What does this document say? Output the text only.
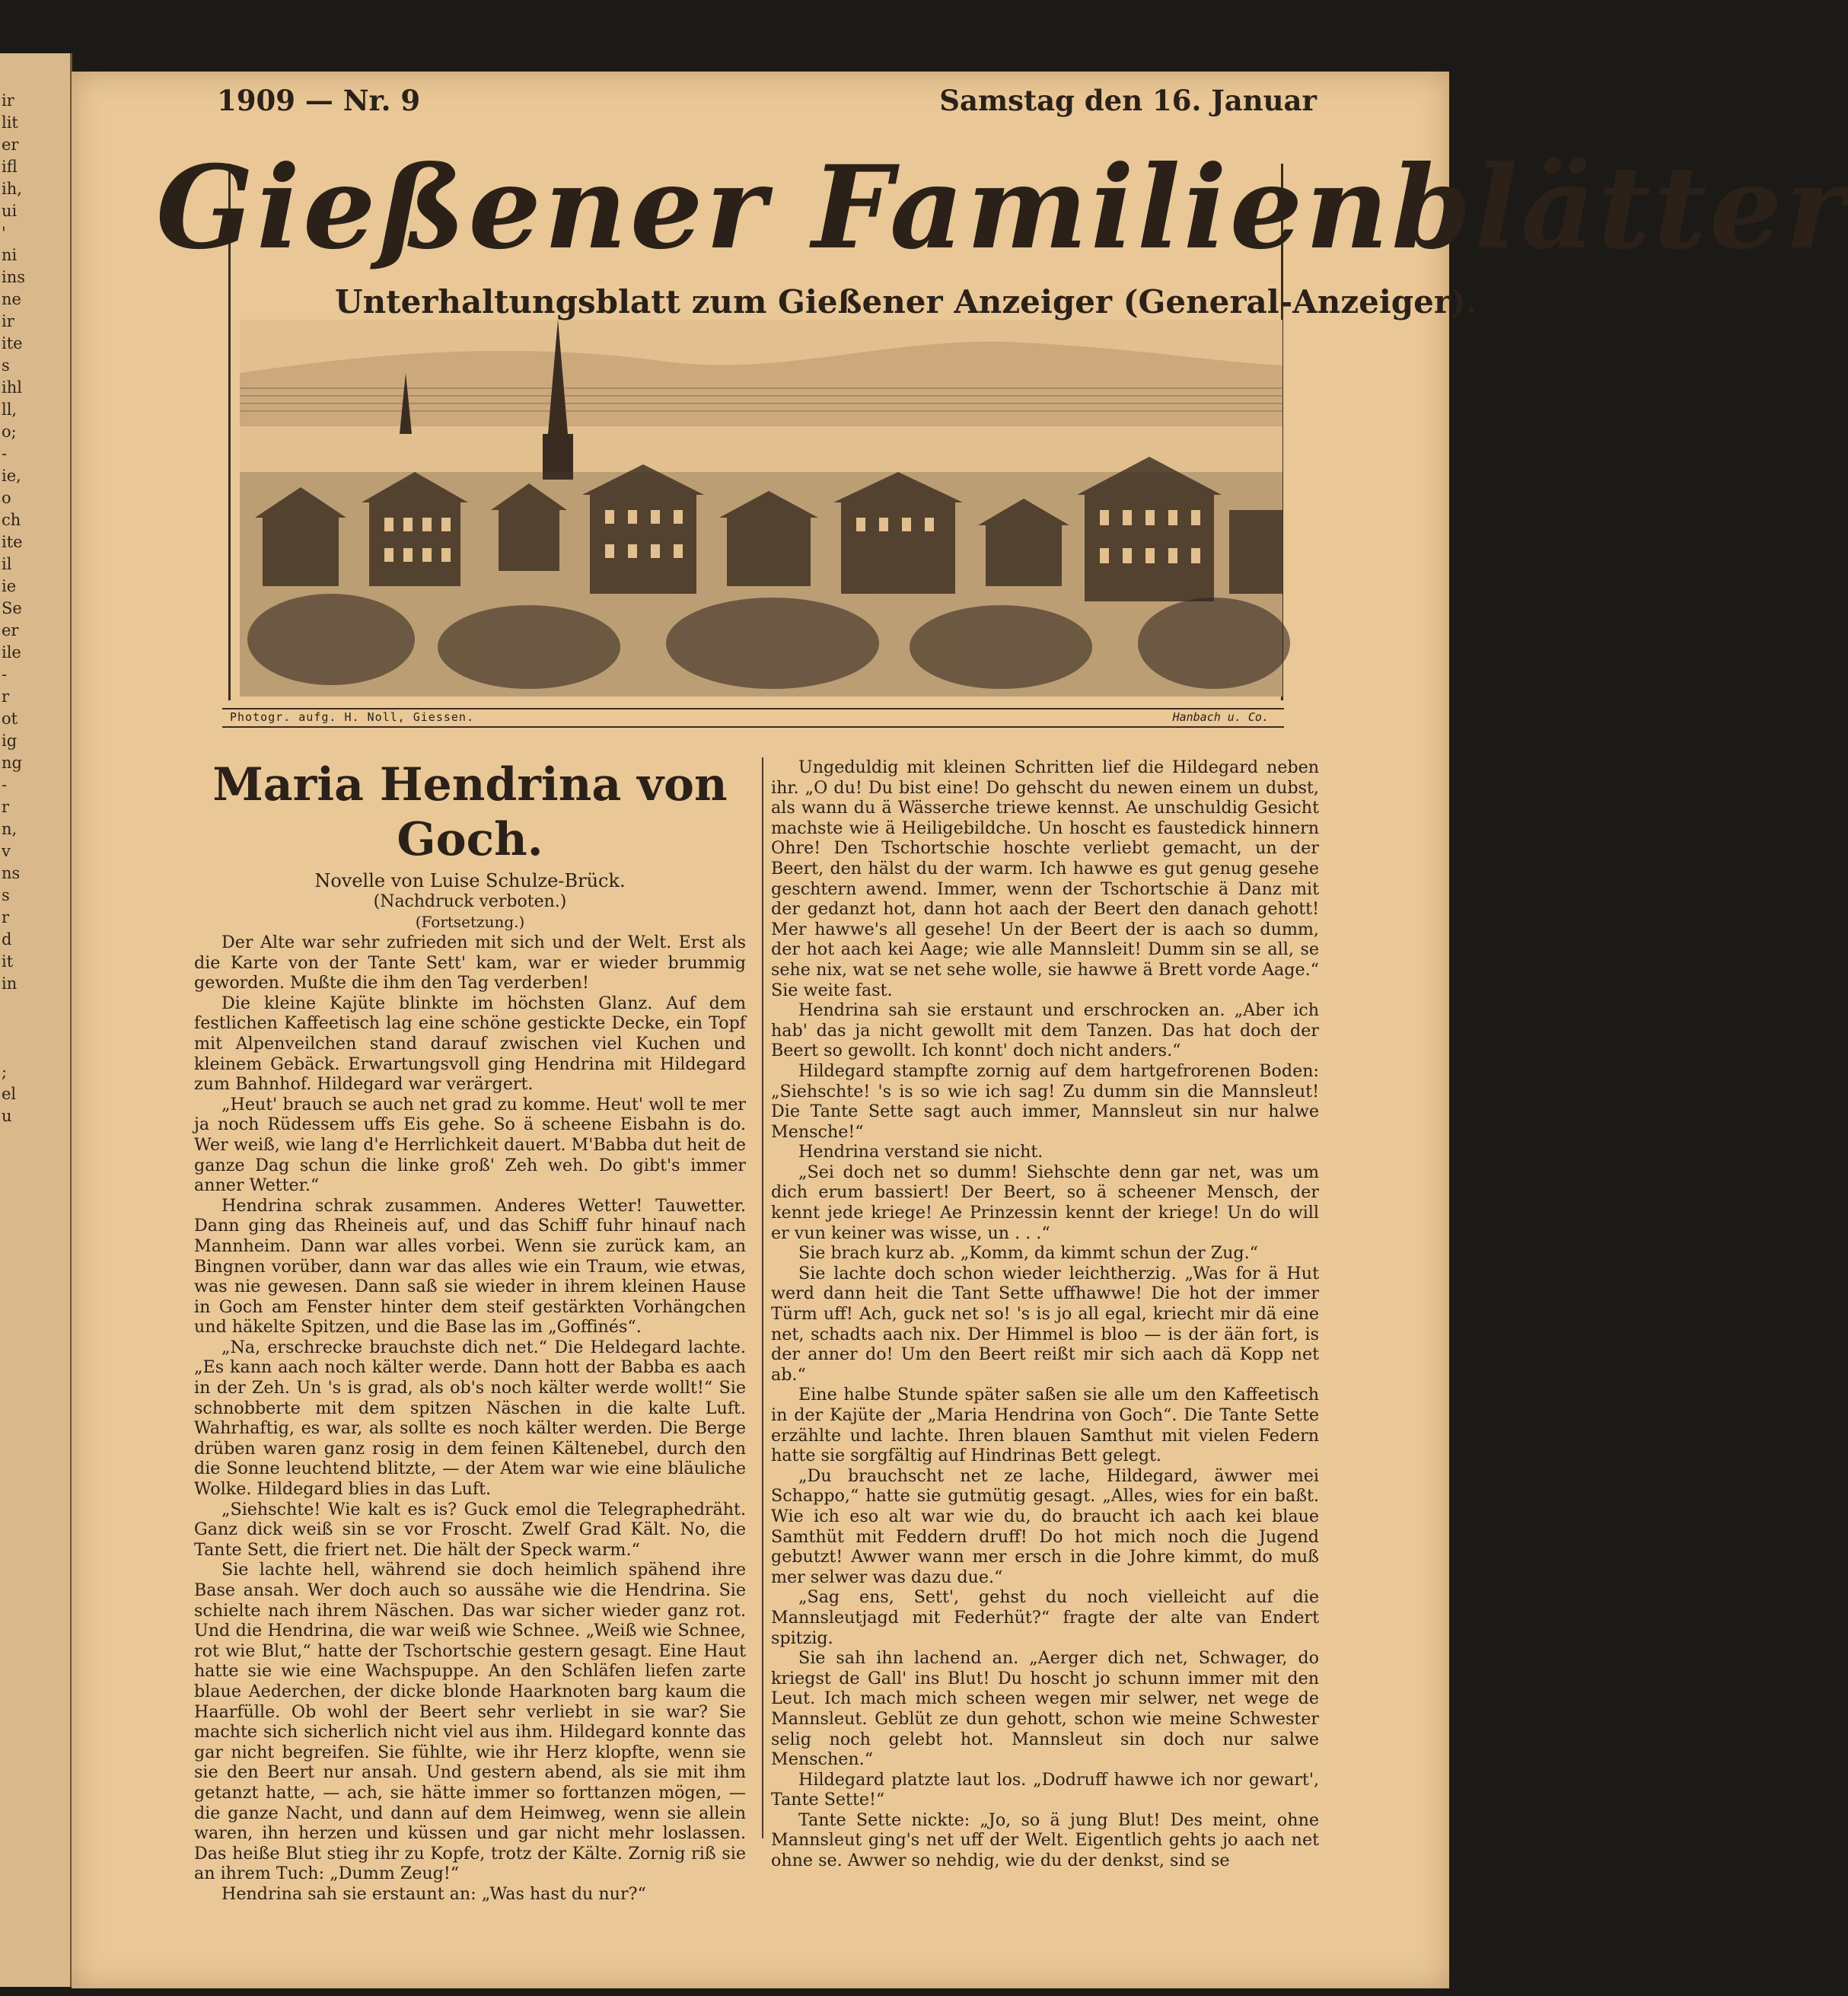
ir
lit
er
ifl
ih,
ui
'
ni
ins
ne
ir
ite
s
ihl
ll,
o;
-
ie,
o
ch
ite
il
ie
Se
er
ile
-
r
ot
ig
ng
-
r
n,
v
ns
s
r
d
it
in
;
el
u
1909 — Nr. 9	Samstag den 16. Januar
Gießener Familienblätter
Unterhaltungsblatt zum Gießener Anzeiger (General-Anzeiger).
Photogr. aufg. H. Noll, Giessen.	Hanbach u. Co.
Maria Hendrina von Goch.

Novelle von Luise Schulze-Brück.

(Nachdruck verboten.)

(Fortsetzung.)

Der Alte war sehr zufrieden mit sich und der Welt. Erst als die Karte von der Tante Sett' kam, war er wieder brummig geworden. Mußte die ihm den Tag verderben!

Die kleine Kajüte blinkte im höchsten Glanz. Auf dem festlichen Kaffeetisch lag eine schöne gestickte Decke, ein Topf mit Alpenveilchen stand darauf zwischen viel Kuchen und kleinem Gebäck. Erwartungsvoll ging Hendrina mit Hildegard zum Bahnhof. Hildegard war verärgert.

„Heut' brauch se auch net grad zu komme. Heut' woll te mer ja noch Rüdessem uffs Eis gehe. So ä scheene Eisbahn is do. Wer weiß, wie lang d'e Herrlichkeit dauert. M'Babba dut heit de ganze Dag schun die linke groß' Zeh weh. Do gibt's immer anner Wetter.“

Hendrina schrak zusammen. Anderes Wetter! Tauwetter. Dann ging das Rheineis auf, und das Schiff fuhr hinauf nach Mannheim. Dann war alles vorbei. Wenn sie zurück kam, an Bingnen vorüber, dann war das alles wie ein Traum, wie etwas, was nie gewesen. Dann saß sie wieder in ihrem kleinen Hause in Goch am Fenster hinter dem steif gestärkten Vorhängchen und häkelte Spitzen, und die Base las im „Goffinés“.

„Na, erschrecke brauchste dich net.“ Die Heldegard lachte. „Es kann aach noch kälter werde. Dann hott der Babba es aach in der Zeh. Un 's is grad, als ob's noch kälter werde wollt!“ Sie schnobberte mit dem spitzen Näschen in die kalte Luft. Wahrhaftig, es war, als sollte es noch kälter werden. Die Berge drüben waren ganz rosig in dem feinen Kältenebel, durch den die Sonne leuchtend blitzte, — der Atem war wie eine bläuliche Wolke. Hildegard blies in das Luft.

„Siehschte! Wie kalt es is? Guck emol die Telegraphedräht. Ganz dick weiß sin se vor Froscht. Zwelf Grad Kält. No, die Tante Sett, die friert net. Die hält der Speck warm.“

Sie lachte hell, während sie doch heimlich spähend ihre Base ansah. Wer doch auch so aussähe wie die Hendrina. Sie schielte nach ihrem Näschen. Das war sicher wieder ganz rot. Und die Hendrina, die war weiß wie Schnee. „Weiß wie Schnee, rot wie Blut,“ hatte der Tschortschie gestern gesagt. Eine Haut hatte sie wie eine Wachspuppe. An den Schläfen liefen zarte blaue Aederchen, der dicke blonde Haarknoten barg kaum die Haarfülle. Ob wohl der Beert sehr verliebt in sie war? Sie machte sich sicherlich nicht viel aus ihm. Hildegard konnte das gar nicht begreifen. Sie fühlte, wie ihr Herz klopfte, wenn sie sie den Beert nur ansah. Und gestern abend, als sie mit ihm getanzt hatte, — ach, sie hätte immer so forttanzen mögen, — die ganze Nacht, und dann auf dem Heimweg, wenn sie allein waren, ihn herzen und küssen und gar nicht mehr loslassen. Das heiße Blut stieg ihr zu Kopfe, trotz der Kälte. Zornig riß sie an ihrem Tuch: „Dumm Zeug!“

Hendrina sah sie erstaunt an: „Was hast du nur?“

Ungeduldig mit kleinen Schritten lief die Hildegard neben ihr. „O du! Du bist eine! Do gehscht du newen einem un dubst, als wann du ä Wässerche triewe kennst. Ae unschuldig Gesicht machste wie ä Heiligebildche. Un hoscht es faustedick hinnern Ohre! Den Tschortschie hoschte verliebt gemacht, un der Beert, den hälst du der warm. Ich hawwe es gut genug gesehe geschtern awend. Immer, wenn der Tschortschie ä Danz mit der gedanzt hot, dann hot aach der Beert den danach gehott! Mer hawwe's all gesehe! Un der Beert der is aach so dumm, der hot aach kei Aage; wie alle Mannsleit! Dumm sin se all, se sehe nix, wat se net sehe wolle, sie hawwe ä Brett vorde Aage.“ Sie weite fast.

Hendrina sah sie erstaunt und erschrocken an. „Aber ich hab' das ja nicht gewollt mit dem Tanzen. Das hat doch der Beert so gewollt. Ich konnt' doch nicht anders.“

Hildegard stampfte zornig auf dem hartgefrorenen Boden: „Siehschte! 's is so wie ich sag! Zu dumm sin die Mannsleut! Die Tante Sette sagt auch immer, Mannsleut sin nur halwe Mensche!“

Hendrina verstand sie nicht.

„Sei doch net so dumm! Siehschte denn gar net, was um dich erum bassiert! Der Beert, so ä scheener Mensch, der kennt jede kriege! Ae Prinzessin kennt der kriege! Un do will er vun keiner was wisse, un . . .“

Sie brach kurz ab. „Komm, da kimmt schun der Zug.“

Sie lachte doch schon wieder leichtherzig. „Was for ä Hut werd dann heit die Tant Sette uffhawwe! Die hot der immer Türm uff! Ach, guck net so! 's is jo all egal, kriecht mir dä eine net, schadts aach nix. Der Himmel is bloo — is der ään fort, is der anner do! Um den Beert reißt mir sich aach dä Kopp net ab.“

Eine halbe Stunde später saßen sie alle um den Kaffeetisch in der Kajüte der „Maria Hendrina von Goch“. Die Tante Sette erzählte und lachte. Ihren blauen Samthut mit vielen Federn hatte sie sorgfältig auf Hindrinas Bett gelegt.

„Du brauchscht net ze lache, Hildegard, äwwer mei Schappo,“ hatte sie gutmütig gesagt. „Alles, wies for ein baßt. Wie ich eso alt war wie du, do braucht ich aach kei blaue Samthüt mit Feddern druff! Do hot mich noch die Jugend gebutzt! Awwer wann mer ersch in die Johre kimmt, do muß mer selwer was dazu due.“

„Sag ens, Sett', gehst du noch vielleicht auf die Mannsleutjagd mit Federhüt?“ fragte der alte van Endert spitzig.

Sie sah ihn lachend an. „Aerger dich net, Schwager, do kriegst de Gall' ins Blut! Du hoscht jo schunn immer mit den Leut. Ich mach mich scheen wegen mir selwer, net wege de Mannsleut. Geblüt ze dun gehott, schon wie meine Schwester selig noch gelebt hot. Mannsleut sin doch nur salwe Menschen.“

Hildegard platzte laut los. „Dodruff hawwe ich nor gewart', Tante Sette!“

Tante Sette nickte: „Jo, so ä jung Blut! Des meint, ohne Mannsleut ging's net uff der Welt. Eigentlich gehts jo aach net ohne se. Awwer so nehdig, wie du der denkst, sind se
